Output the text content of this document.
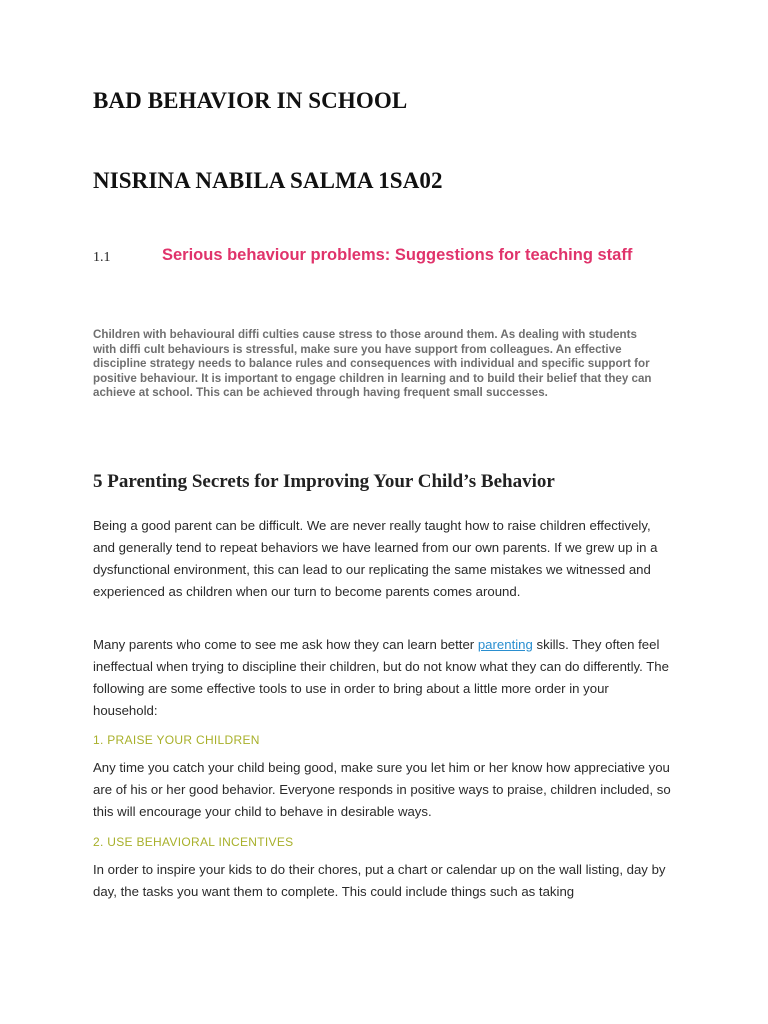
BAD BEHAVIOR IN SCHOOL
NISRINA NABILA SALMA 1SA02
1.1	Serious behaviour problems: Suggestions for teaching staff

Children with behavioural diffi culties cause stress to those around them. As dealing with students with diffi cult behaviours is stressful, make sure you have support from colleagues. An effective discipline strategy needs to balance rules and consequences with individual and specific support for positive behaviour. It is important to engage children in learning and to build their belief that they can achieve at school. This can be achieved through having frequent small successes.

5 Parenting Secrets for Improving Your Child’s Behavior

Being a good parent can be difficult. We are never really taught how to raise children effectively, and generally tend to repeat behaviors we have learned from our own parents. If we grew up in a dysfunctional environment, this can lead to our replicating the same mistakes we witnessed and experienced as children when our turn to become parents comes around.

Many parents who come to see me ask how they can learn better parenting skills. They often feel ineffectual when trying to discipline their children, but do not know what they can do differently. The following are some effective tools to use in order to bring about a little more order in your household:

1. PRAISE YOUR CHILDREN

Any time you catch your child being good, make sure you let him or her know how appreciative you are of his or her good behavior. Everyone responds in positive ways to praise, children included, so this will encourage your child to behave in desirable ways.

2. USE BEHAVIORAL INCENTIVES

In order to inspire your kids to do their chores, put a chart or calendar up on the wall listing, day by day, the tasks you want them to complete. This could include things such as taking
